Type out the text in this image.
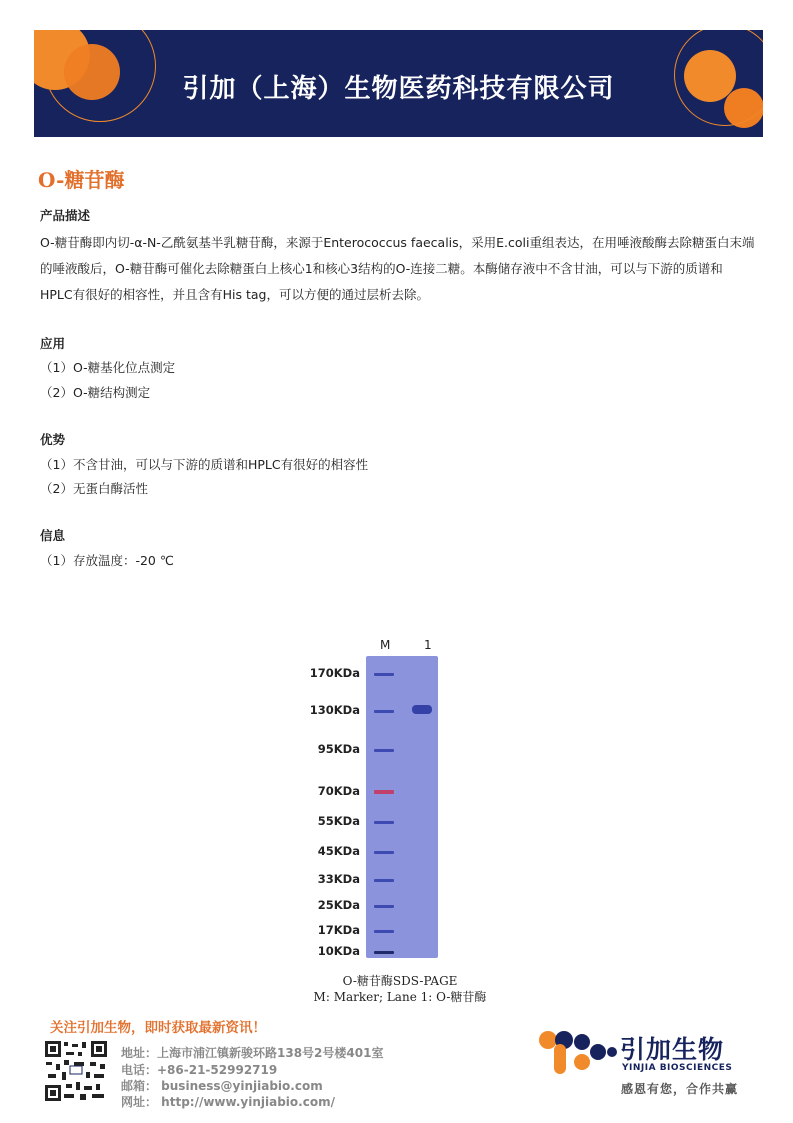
引加（上海）生物医药科技有限公司
O-糖苷酶
产品描述
O-糖苷酶即内切-α-N-乙酰氨基半乳糖苷酶，来源于Enterococcus faecalis，采用E.coli重组表达，在用唾液酸酶去除糖蛋白末端的唾液酸后，O-糖苷酶可催化去除糖蛋白上核心1和核心3结构的O-连接二糖。本酶储存液中不含甘油，可以与下游的质谱和HPLC有很好的相容性，并且含有His tag，可以方便的通过层析去除。
应用
（1）O-糖基化位点测定
（2）O-糖结构测定
优势
（1）不含甘油，可以与下游的质谱和HPLC有很好的相容性
（2）无蛋白酶活性
信息
（1）存放温度：-20 ℃
M	1
170KDa
130KDa
95KDa
70KDa
55KDa
45KDa
33KDa
25KDa
17KDa
10KDa
O-糖苷酶SDS-PAGE
M: Marker; Lane 1: O-糖苷酶
关注引加生物，即时获取最新资讯！
地址：上海市浦江镇新骏环路138号2号楼401室
电话：+86-21-52992719
邮箱： business@yinjiabio.com
网址： http://www.yinjiabio.com/
引加生物
YINJIA BIOSCIENCES
感恩有您，合作共赢
